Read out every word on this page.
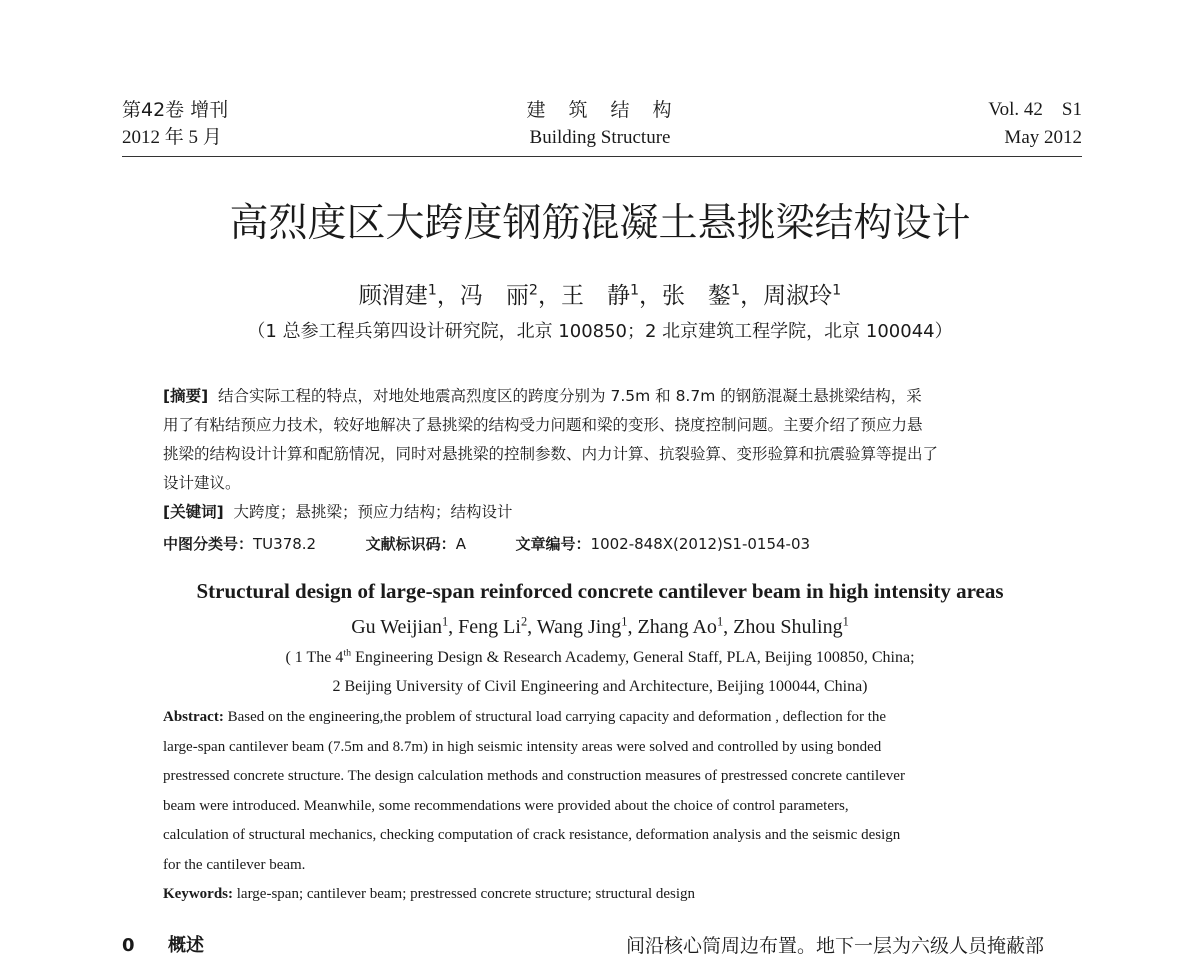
第42卷 增刊
2012 年 5 月
建　筑　结　构
Building Structure
Vol. 42　S1
May 2012
高烈度区大跨度钢筋混凝土悬挑梁结构设计
顾渭建$^1$，冯　丽$^2$，王　静$^1$，张　鏊$^1$，周淑玲$^1$
（1 总参工程兵第四设计研究院，北京 100850；2 北京建筑工程学院，北京 100044）
[摘要] 结合实际工程的特点，对地处地震高烈度区的跨度分别为 7.5m 和 8.7m 的钢筋混凝土悬挑梁结构，采
用了有粘结预应力技术，较好地解决了悬挑梁的结构受力问题和梁的变形、挠度控制问题。主要介绍了预应力悬
挑梁的结构设计计算和配筋情况，同时对悬挑梁的控制参数、内力计算、抗裂验算、变形验算和抗震验算等提出了
设计建议。
[关键词] 大跨度；悬挑梁；预应力结构；结构设计
中图分类号：TU378.2	文献标识码：A	文章编号：1002-848X(2012)S1-0154-03
Structural design of large-span reinforced concrete cantilever beam in high intensity areas
Gu Weijian$^1$, Feng Li$^2$, Wang Jing$^1$, Zhang Ao$^1$, Zhou Shuling$^1$
( 1 The 4th Engineering Design & Research Academy, General Staff, PLA, Beijing 100850, China;
2 Beijing University of Civil Engineering and Architecture, Beijing 100044, China)
Abstract: Based on the engineering,the problem of structural load carrying capacity and deformation , deflection for the
large-span cantilever beam (7.5m and 8.7m) in high seismic intensity areas were solved and controlled by using bonded
prestressed concrete structure. The design calculation methods and construction measures of prestressed concrete cantilever
beam were introduced. Meanwhile, some recommendations were provided about the choice of control parameters,
calculation of structural mechanics, checking computation of crack resistance, deformation analysis and the seismic design
for the cantilever beam.
Keywords: large-span; cantilever beam; prestressed concrete structure; structural design
0 概述	间沿核心筒周边布置。地下一层为六级人员掩蔽部
